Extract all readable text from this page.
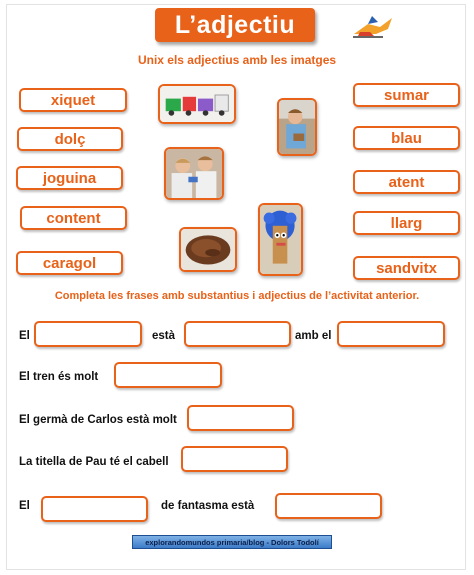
L’adjectiu
Unix els adjectius amb les imatges
xiquet
dolç
joguina
content
caragol
sumar
blau
atent
llarg
sandvitx
Completa les frases amb substantius i adjectius de l’activitat anterior.
El	està	amb el
El tren és molt
El germà de Carlos està molt
La titella de Pau té el cabell
El	de fantasma està
explorandomundos primaria/blog - Dolors Todolí
